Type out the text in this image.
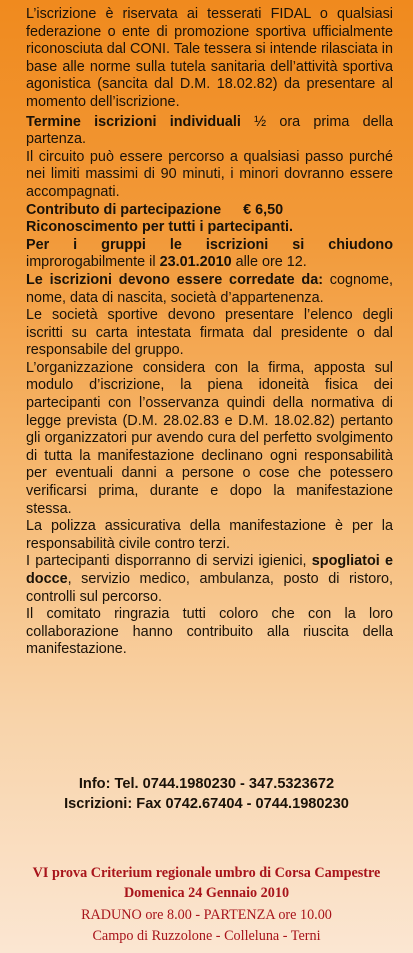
L’iscrizione è riservata ai tesserati FIDAL o qualsiasi federazione o ente di promozione sportiva ufficialmente riconosciuta dal CONI. Tale tessera si intende rilasciata in base alle norme sulla tutela sanitaria dell’attività sportiva agonistica (sancita dal D.M. 18.02.82) da presentare al momento dell’iscrizione.

Termine iscrizioni individuali ½ ora prima della partenza.

Il circuito può essere percorso a qualsiasi passo purché nei limiti massimi di 90 minuti, i minori dovranno essere accompagnati.

Contributo di partecipazione € 6,50

Riconoscimento per tutti i partecipanti.

Per i gruppi le iscrizioni si chiudono improrogabilmente il 23.01.2010 alle ore 12.

Le iscrizioni devono essere corredate da: cognome, nome, data di nascita, società d’appartenenza.

Le società sportive devono presentare l’elenco degli iscritti su carta intestata firmata dal presidente o dal responsabile del gruppo.

L’organizzazione considera con la firma, apposta sul modulo d’iscrizione, la piena idoneità fisica dei partecipanti con l’osservanza quindi della normativa di legge prevista (D.M. 28.02.83 e D.M. 18.02.82) pertanto gli organizzatori pur avendo cura del perfetto svolgimento di tutta la manifestazione declinano ogni responsabilità per eventuali danni a persone o cose che potessero verificarsi prima, durante e dopo la manifestazione stessa.

La polizza assicurativa della manifestazione è per la responsabilità civile contro terzi.

I partecipanti disporranno di servizi igienici, spogliatoi e docce, servizio medico, ambulanza, posto di ristoro, controlli sul percorso.

Il comitato ringrazia tutti coloro che con la loro collaborazione hanno contribuito alla riuscita della manifestazione.

Info: Tel. 0744.1980230 - 347.5323672
Iscrizioni: Fax 0742.67404 - 0744.1980230
VI prova Criterium regionale umbro di Corsa Campestre
Domenica 24 Gennaio 2010
RADUNO ore 8.00 - PARTENZA ore 10.00
Campo di Ruzzolone - Colleluna - Terni
